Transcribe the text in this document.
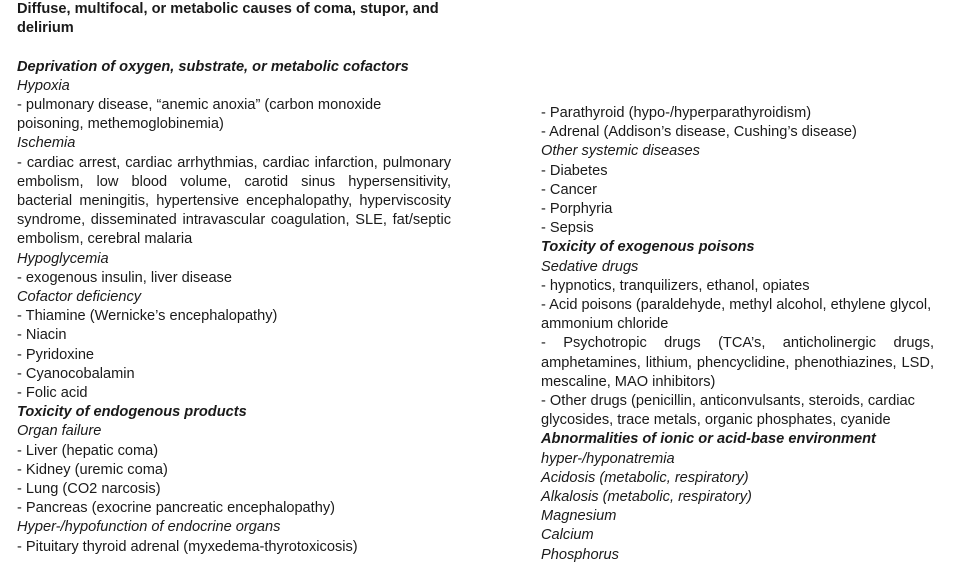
Diffuse, multifocal, or metabolic causes of coma, stupor, and delirium
Deprivation of oxygen, substrate, or metabolic cofactors
Hypoxia
- pulmonary disease, “anemic anoxia” (carbon monoxide poisoning, methemoglobinemia)
Ischemia
- cardiac arrest, cardiac arrhythmias, cardiac infarction, pulmonary embolism, low blood volume, carotid sinus hypersensitivity, bacterial meningitis, hypertensive encephalopathy, hyperviscosity syndrome, disseminated intravascular coagulation, SLE, fat/septic embolism, cerebral malaria
Hypoglycemia
- exogenous insulin, liver disease
Cofactor deficiency
- Thiamine (Wernicke’s encephalopathy)
- Niacin
- Pyridoxine
- Cyanocobalamin
- Folic acid
Toxicity of endogenous products
Organ failure
- Liver (hepatic coma)
- Kidney (uremic coma)
- Lung (CO2 narcosis)
- Pancreas (exocrine pancreatic encephalopathy)
Hyper-/hypofunction of endocrine organs
- Pituitary thyroid adrenal (myxedema-thyrotoxicosis)
- Parathyroid (hypo-/hyperparathyroidism)
- Adrenal (Addison’s disease, Cushing’s disease)
Other systemic diseases
- Diabetes
- Cancer
- Porphyria
- Sepsis
Toxicity of exogenous poisons
Sedative drugs
- hypnotics, tranquilizers, ethanol, opiates
- Acid poisons (paraldehyde, methyl alcohol, ethylene glycol, ammonium chloride
- Psychotropic drugs (TCA’s, anticholinergic drugs, amphetamines, lithium, phencyclidine, phenothiazines, LSD, mescaline, MAO inhibitors)
- Other drugs (penicillin, anticonvulsants, steroids, cardiac glycosides, trace metals, organic phosphates, cyanide
Abnormalities of ionic or acid-base environment
hyper-/hyponatremia
Acidosis (metabolic, respiratory)
Alkalosis (metabolic, respiratory)
Magnesium
Calcium
Phosphorus
